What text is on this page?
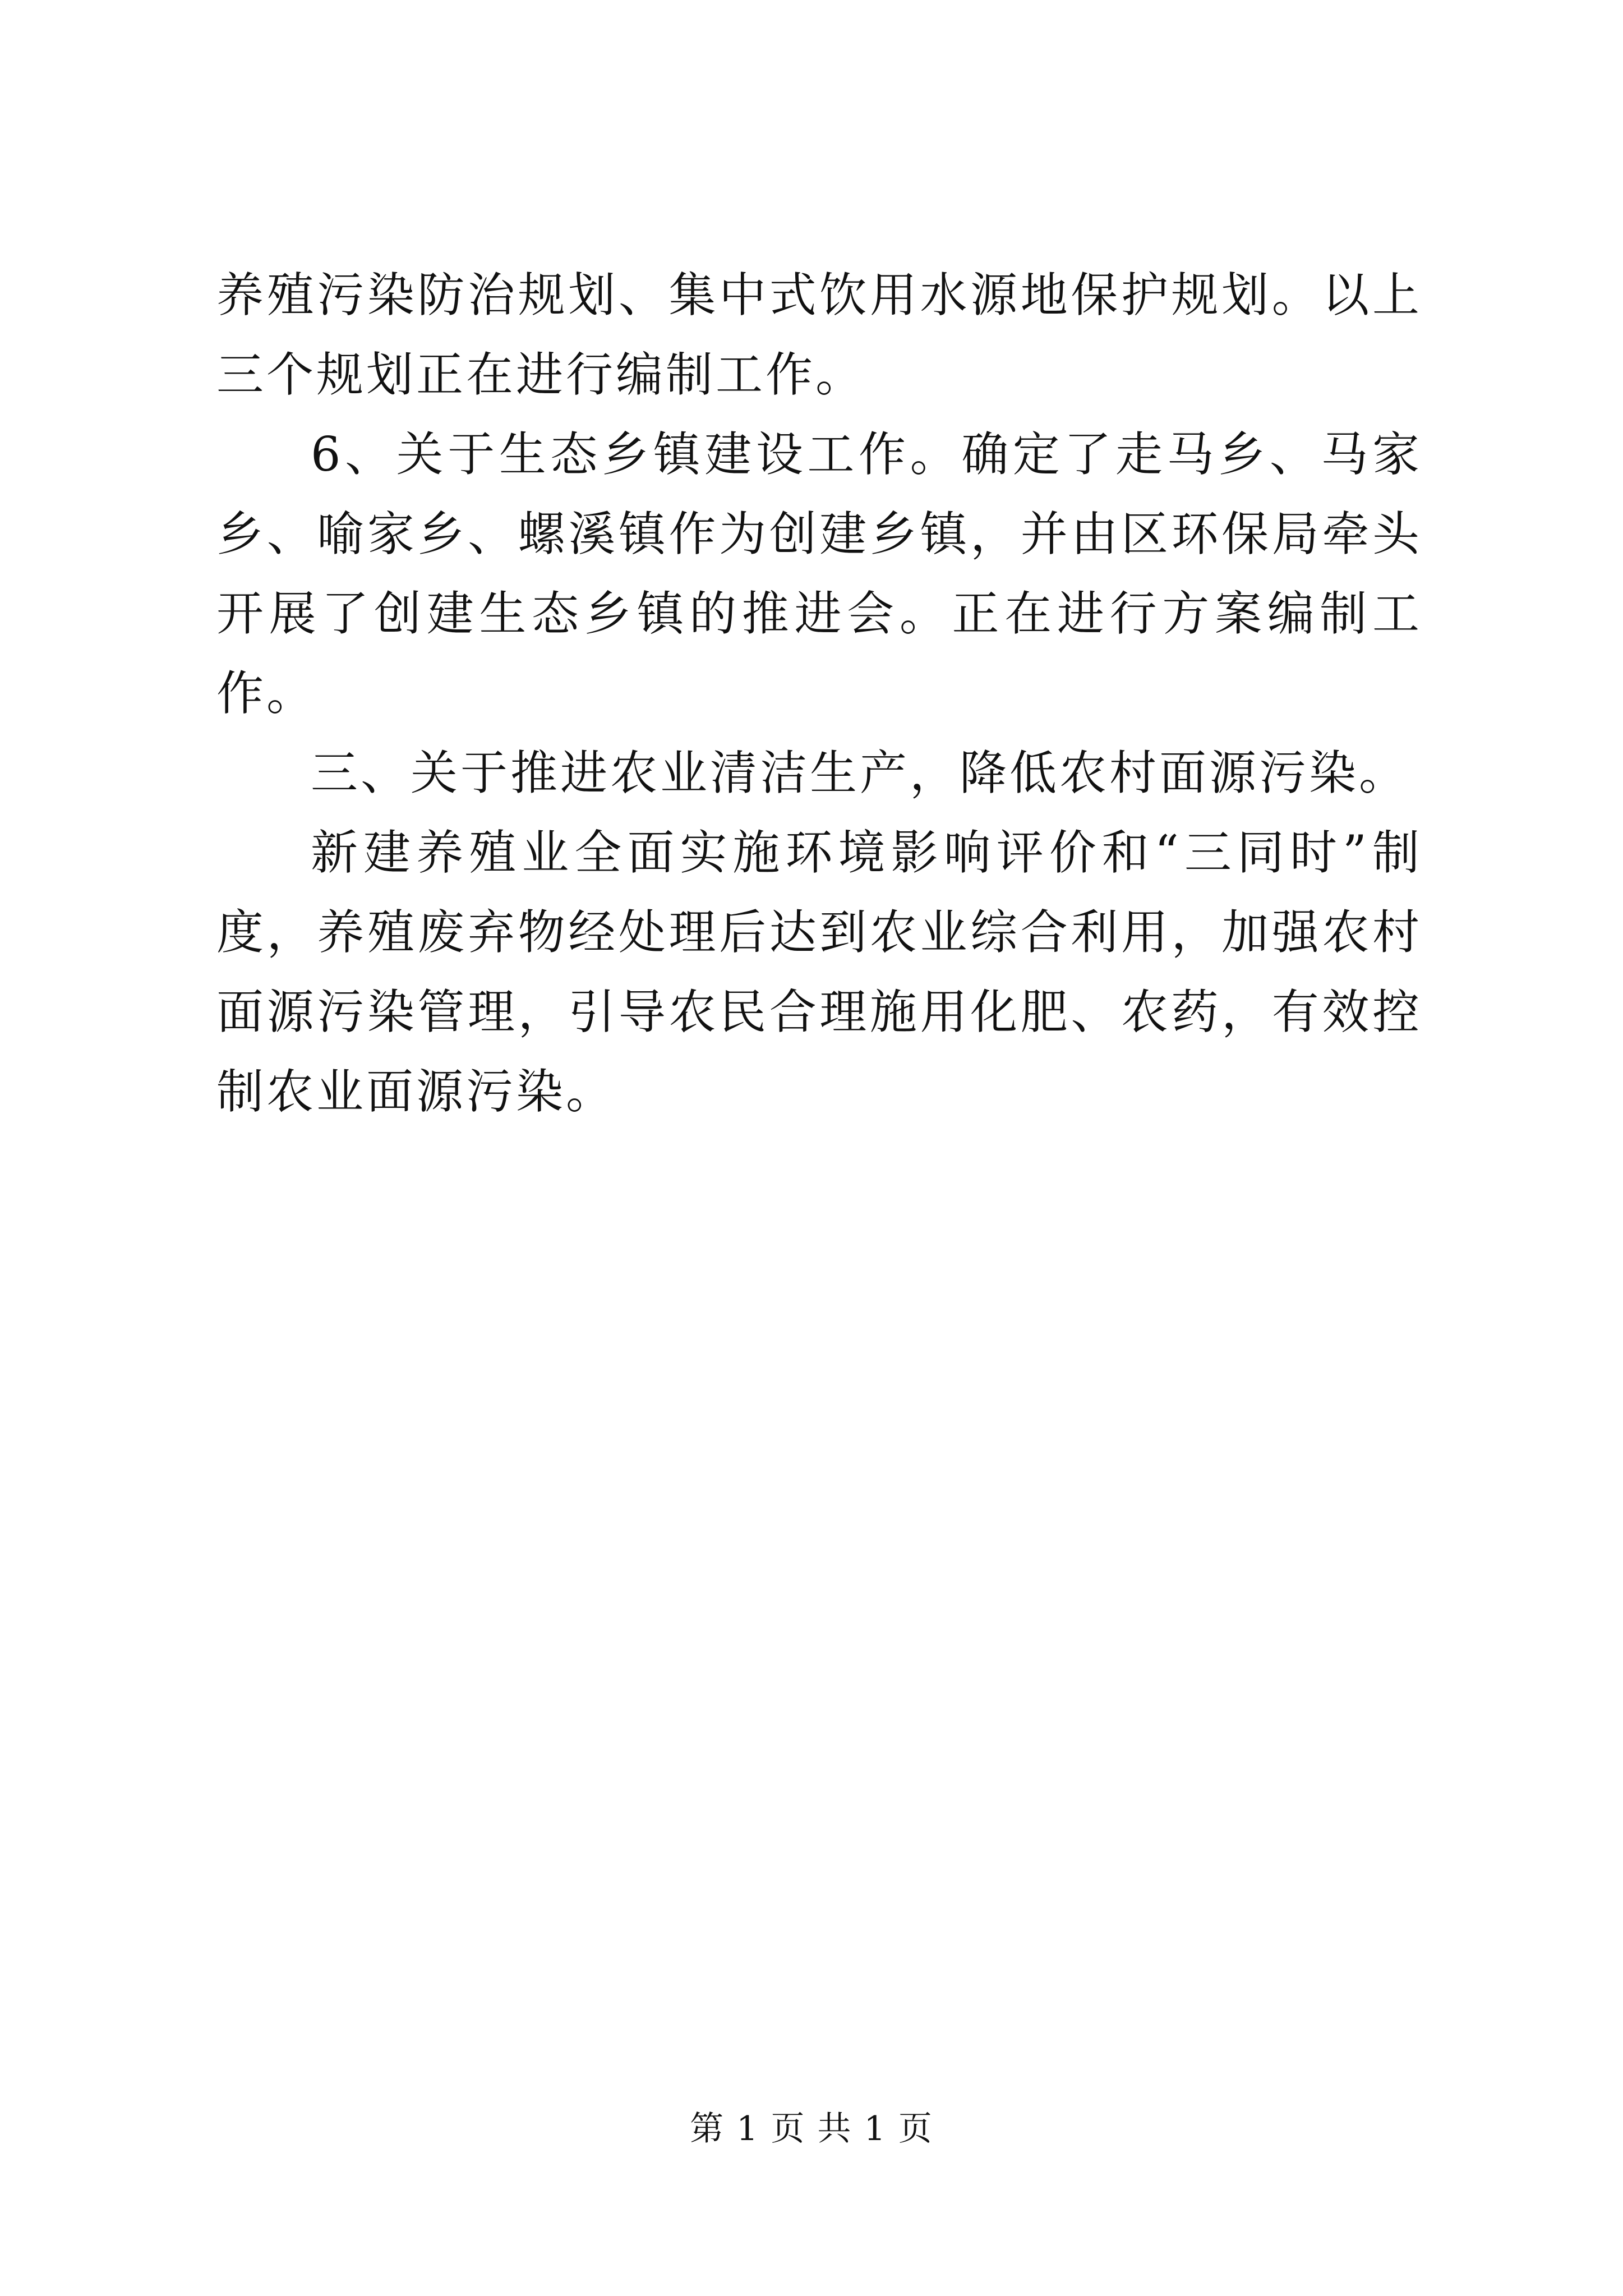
养殖污染防治规划、集中式饮用水源地保护规划。以上三个规划正在进行编制工作。

6、关于生态乡镇建设工作。确定了走马乡、马家乡、喻家乡、螺溪镇作为创建乡镇，并由区环保局牵头开展了创建生态乡镇的推进会。正在进行方案编制工作。

三、关于推进农业清洁生产，降低农村面源污染。

新建养殖业全面实施环境影响评价和“三同时”制度，养殖废弃物经处理后达到农业综合利用，加强农村面源污染管理，引导农民合理施用化肥、农药，有效控制农业面源污染。

第 1 页 共 1 页
